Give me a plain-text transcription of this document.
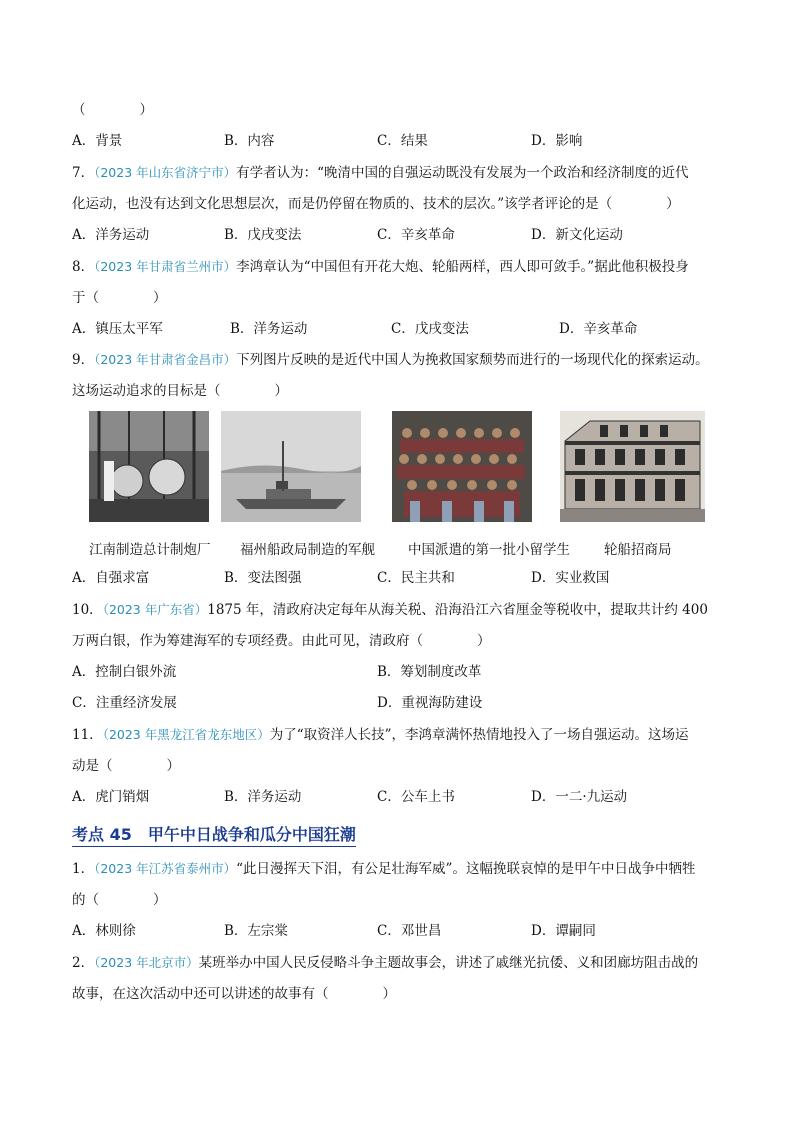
（　　　　）
A．背景	B．内容	C．结果	D．影响
7．（2023 年山东省济宁市）有学者认为：“晚清中国的自强运动既没有发展为一个政治和经济制度的近代
化运动，也没有达到文化思想层次，而是仍停留在物质的、技术的层次。”该学者评论的是（　　　　）
A．洋务运动	B．戊戌变法	C．辛亥革命	D．新文化运动
8．（2023 年甘肃省兰州市）李鸿章认为“中国但有开花大炮、轮船两样，西人即可敛手。”据此他积极投身
于（　　　　）
A．镇压太平军	B．洋务运动	C．戊戌变法	D．辛亥革命
9．（2023 年甘肃省金昌市）下列图片反映的是近代中国人为挽救国家颓势而进行的一场现代化的探索运动。
这场运动追求的目标是（　　　　）
江南制造总计制炮厂 福州船政局制造的军舰 中国派遣的第一批小留学生	轮船招商局
A．自强求富	B．变法图强	C．民主共和	D．实业救国
10．（2023 年广东省）1875 年，清政府决定每年从海关税、沿海沿江六省厘金等税收中，提取共计约 400
万两白银，作为筹建海军的专项经费。由此可见，清政府（　　　　）
A．控制白银外流	B．筹划制度改革
C．注重经济发展	D．重视海防建设
11．（2023 年黑龙江省龙东地区）为了“取资洋人长技”，李鸿章满怀热情地投入了一场自强运动。这场运
动是（　　　　）
A．虎门销烟	B．洋务运动	C．公车上书	D．一二·九运动
考点 45　甲午中日战争和瓜分中国狂潮
1．（2023 年江苏省泰州市）“此日漫挥天下泪，有公足壮海军威”。这幅挽联哀悼的是甲午中日战争中牺牲
的（　　　　）
A．林则徐	B．左宗棠	C．邓世昌	D．谭嗣同
2．（2023 年北京市）某班举办中国人民反侵略斗争主题故事会，讲述了戚继光抗倭、义和团廊坊阻击战的
故事，在这次活动中还可以讲述的故事有（　　　　）
